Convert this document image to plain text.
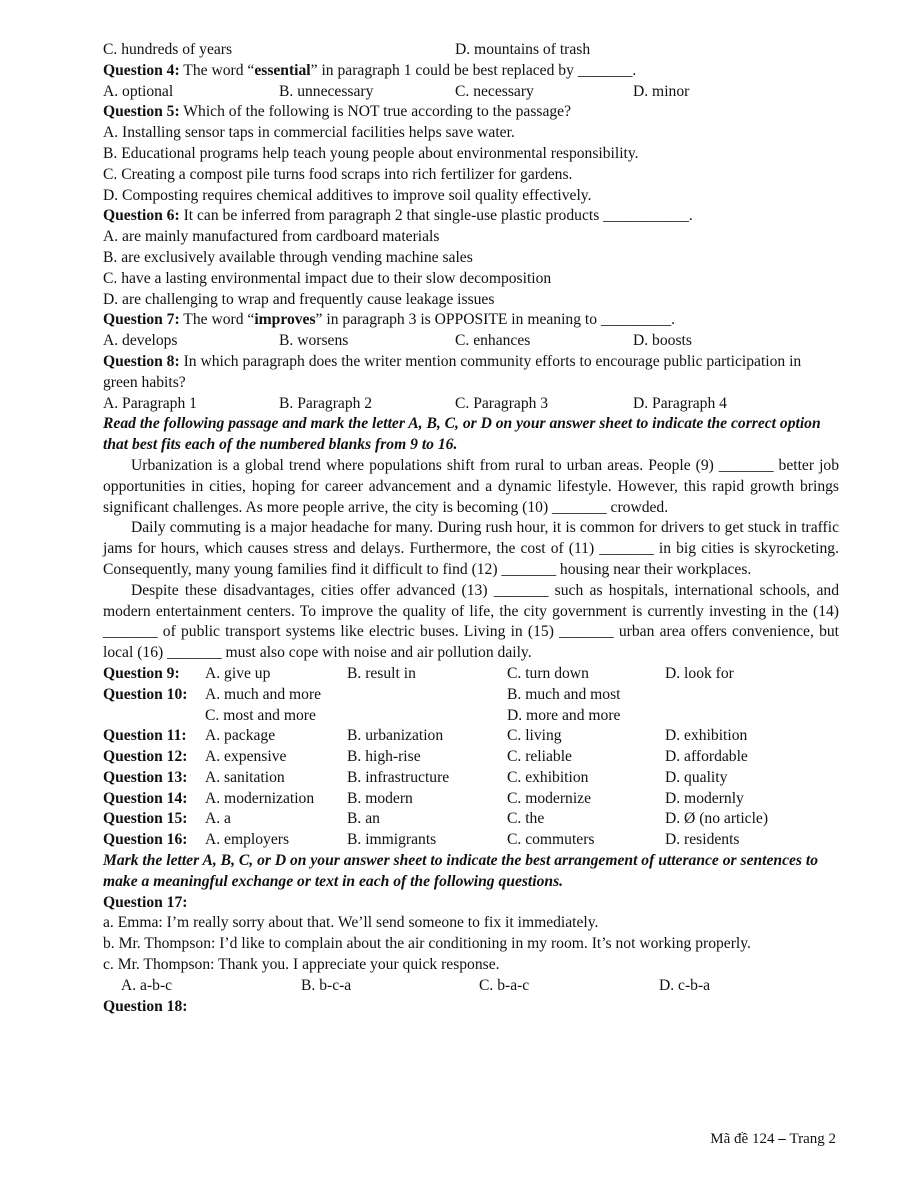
C. hundreds of years	D. mountains of trash
Question 4: The word “essential” in paragraph 1 could be best replaced by _______.
A. optional	B. unnecessary	C. necessary	D. minor
Question 5: Which of the following is NOT true according to the passage?
A. Installing sensor taps in commercial facilities helps save water.
B. Educational programs help teach young people about environmental responsibility.
C. Creating a compost pile turns food scraps into rich fertilizer for gardens.
D. Composting requires chemical additives to improve soil quality effectively.
Question 6: It can be inferred from paragraph 2 that single-use plastic products ___________.
A. are mainly manufactured from cardboard materials
B. are exclusively available through vending machine sales
C. have a lasting environmental impact due to their slow decomposition
D. are challenging to wrap and frequently cause leakage issues
Question 7: The word “improves” in paragraph 3 is OPPOSITE in meaning to _________.
A. develops	B. worsens	C. enhances	D. boosts
Question 8: In which paragraph does the writer mention community efforts to encourage public participation in green habits?
A. Paragraph 1	B. Paragraph 2	C. Paragraph 3	D. Paragraph 4
Read the following passage and mark the letter A, B, C, or D on your answer sheet to indicate the correct option that best fits each of the numbered blanks from 9 to 16.
Urbanization is a global trend where populations shift from rural to urban areas. People (9) _______ better job opportunities in cities, hoping for career advancement and a dynamic lifestyle. However, this rapid growth brings significant challenges. As more people arrive, the city is becoming (10) _______ crowded.
Daily commuting is a major headache for many. During rush hour, it is common for drivers to get stuck in traffic jams for hours, which causes stress and delays. Furthermore, the cost of (11) _______ in big cities is skyrocketing. Consequently, many young families find it difficult to find (12) _______ housing near their workplaces.
Despite these disadvantages, cities offer advanced (13) _______ such as hospitals, international schools, and modern entertainment centers. To improve the quality of life, the city government is currently investing in the (14) _______ of public transport systems like electric buses. Living in (15) _______ urban area offers convenience, but local (16) _______ must also cope with noise and air pollution daily.
Question 9:	A. give up	B. result in	C. turn down	D. look for
Question 10:	A. much and more	B. much and most
C. most and more	D. more and more
Question 11:	A. package	B. urbanization	C. living	D. exhibition
Question 12:	A. expensive	B. high-rise	C. reliable	D. affordable
Question 13:	A. sanitation	B. infrastructure	C. exhibition	D. quality
Question 14:	A. modernization	B. modern	C. modernize	D. modernly
Question 15:	A. a	B. an	C. the	D. Ø (no article)
Question 16:	A. employers	B. immigrants	C. commuters	D. residents
Mark the letter A, B, C, or D on your answer sheet to indicate the best arrangement of utterance or sentences to make a meaningful exchange or text in each of the following questions.
Question 17:
a. Emma: I’m really sorry about that. We’ll send someone to fix it immediately.
b. Mr. Thompson: I’d like to complain about the air conditioning in my room. It’s not working properly.
c. Mr. Thompson: Thank you. I appreciate your quick response.
A. a-b-c	B. b-c-a	C. b-a-c	D. c-b-a
Question 18:
Mã đề 124 – Trang 2
